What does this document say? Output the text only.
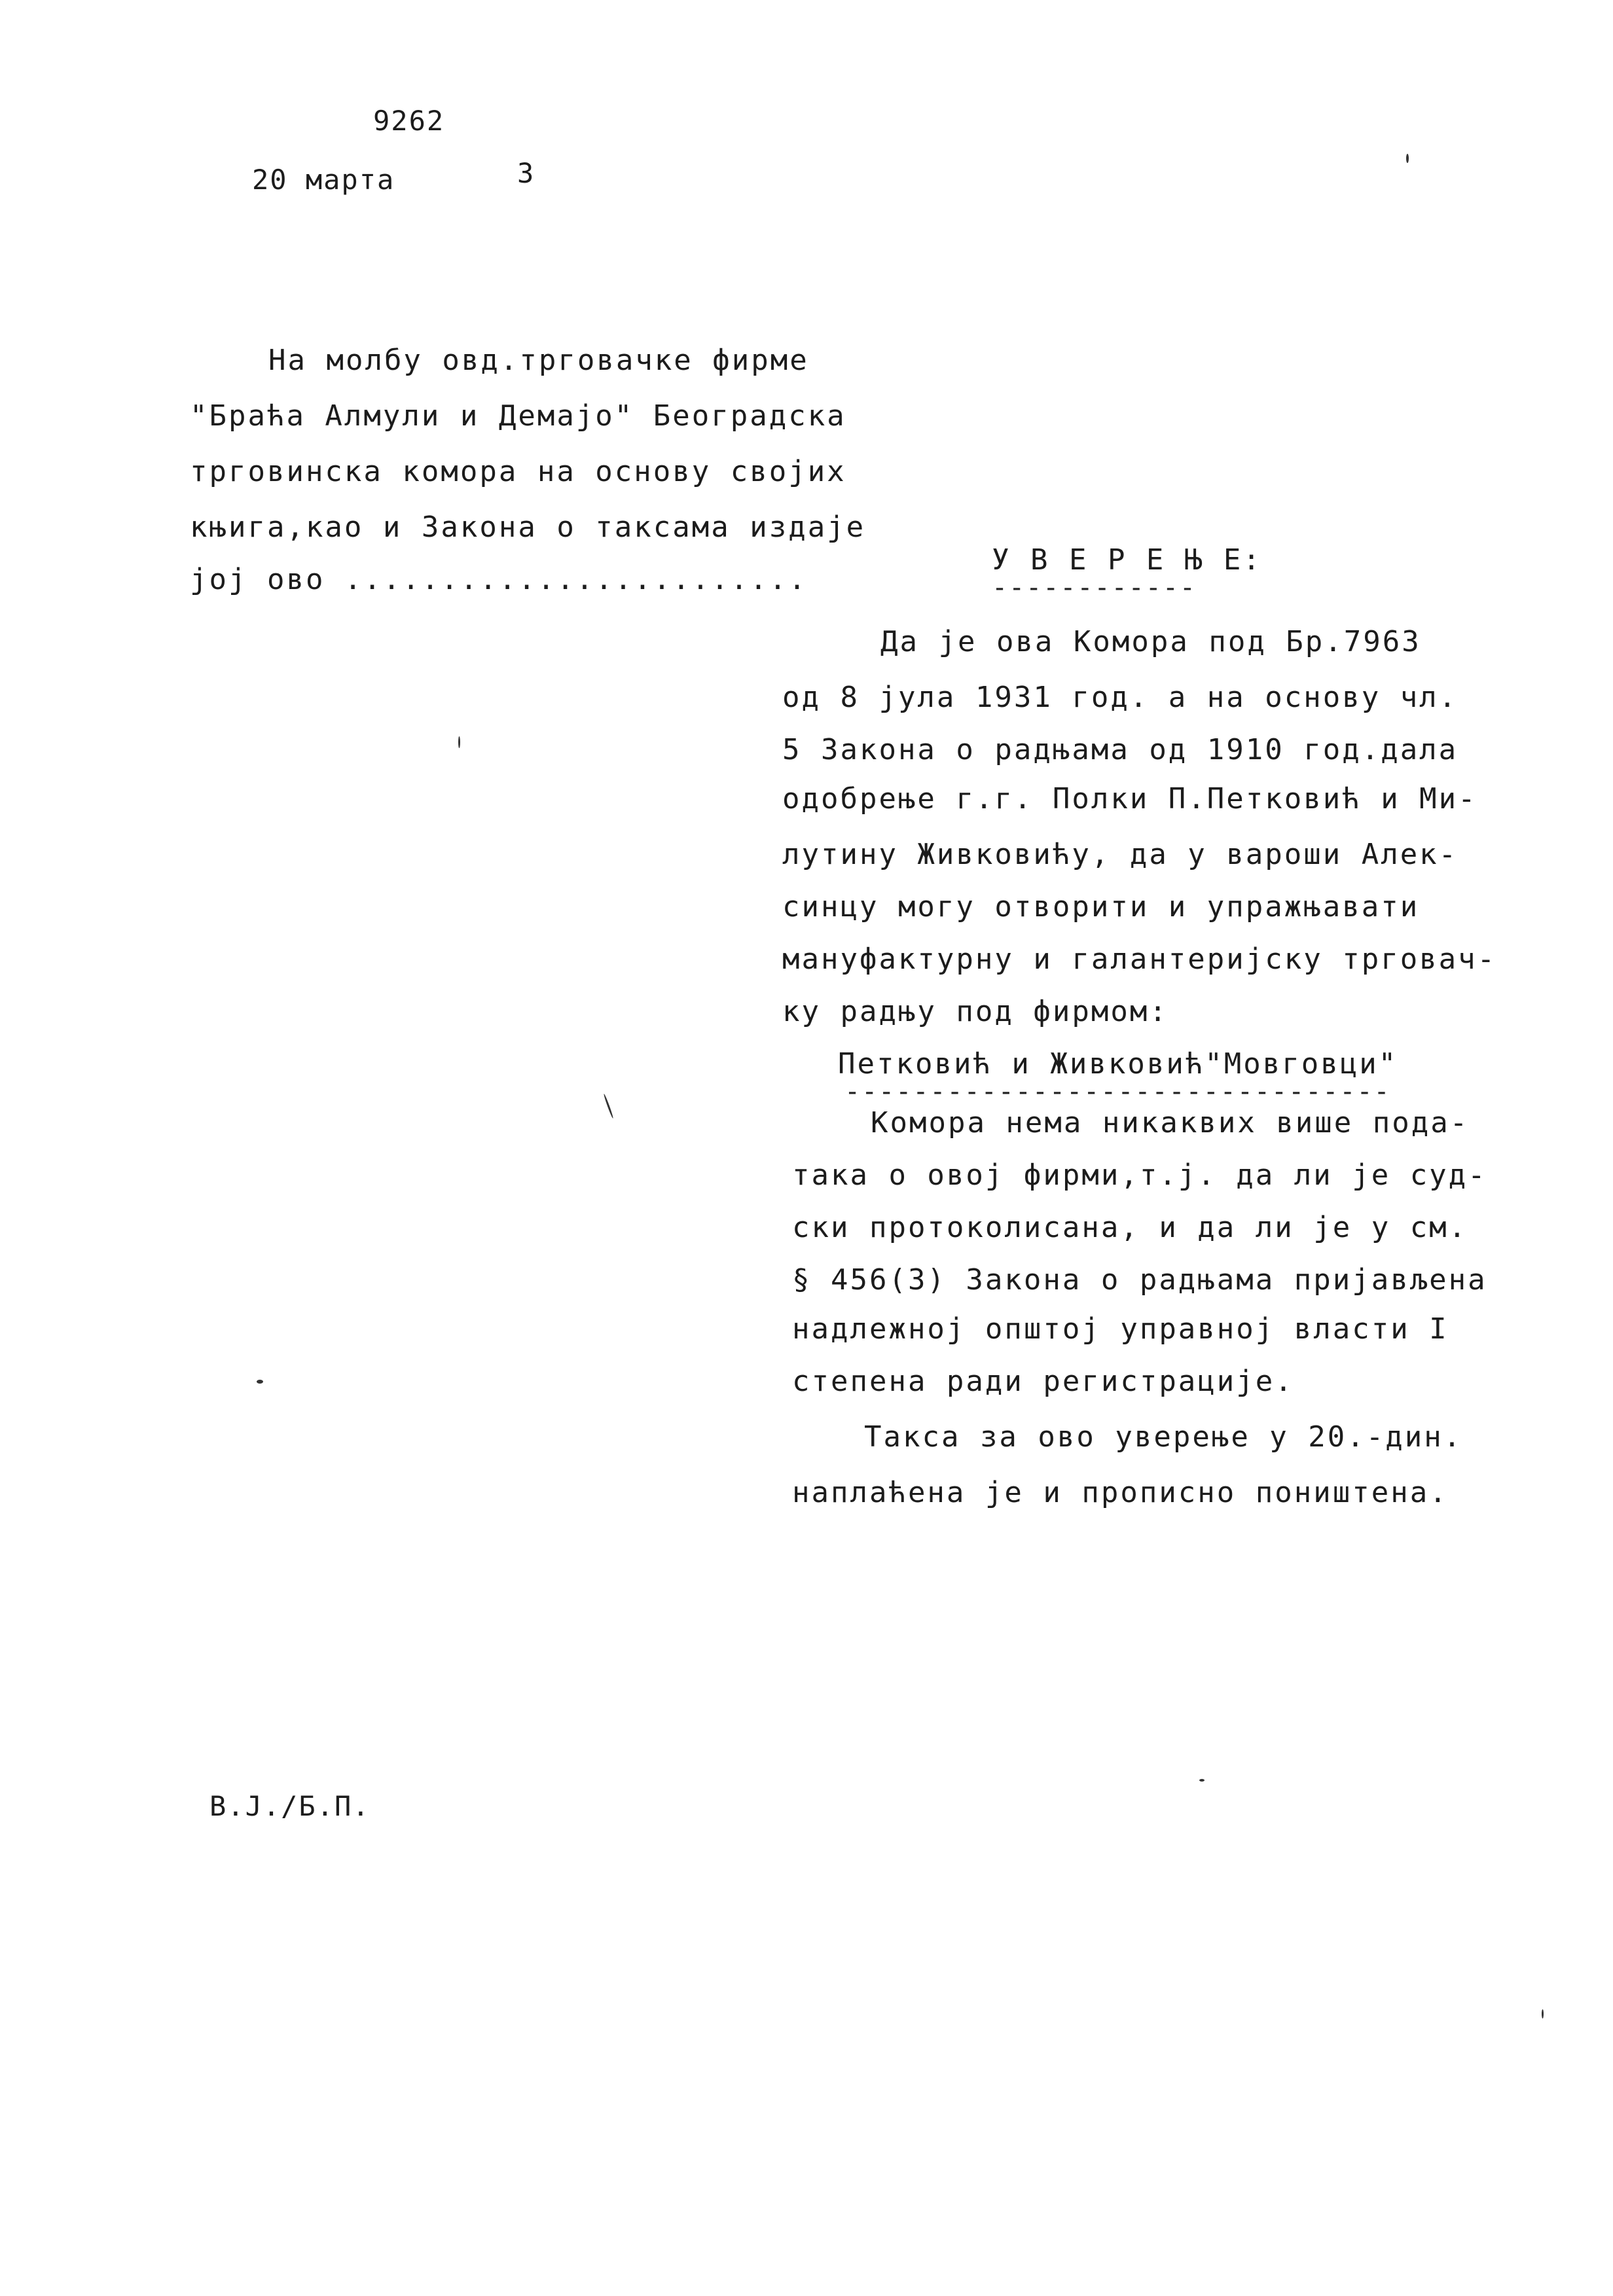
9262
20 марта	3
На молбу овд.трговачке фирме
"Браћа Алмули и Демајо" Београдска
трговинска комора на основу својих
књига,као и Закона о таксама издаје
јој ово ........................
У В Е Р Е Њ Е:
------------
Да је ова Комора под Бр.7963
од 8 јула 1931 год. а на основу чл.
5 Закона о радњама од 1910 год.дала
одобрење г.г. Полки П.Петковић и Ми-
лутину Живковићу, да у вароши Алек-
синцу могу отворити и упражњавати
мануфактурну и галантеријску трговач-
ку радњу под фирмом:
Петковић и Живковић"Мовговци"
--------------------------------
Комора нема никаквих више пода-
така о овој фирми,т.ј. да ли је суд-
ски протоколисана, и да ли је у см.
§ 456(3) Закона о радњама пријављена
надлежној општој управној власти I
степена ради регистрације.
Такса за ово уверење у 20.-дин.
наплаћена је и прописно поништена.
В.Ј./Б.П.
